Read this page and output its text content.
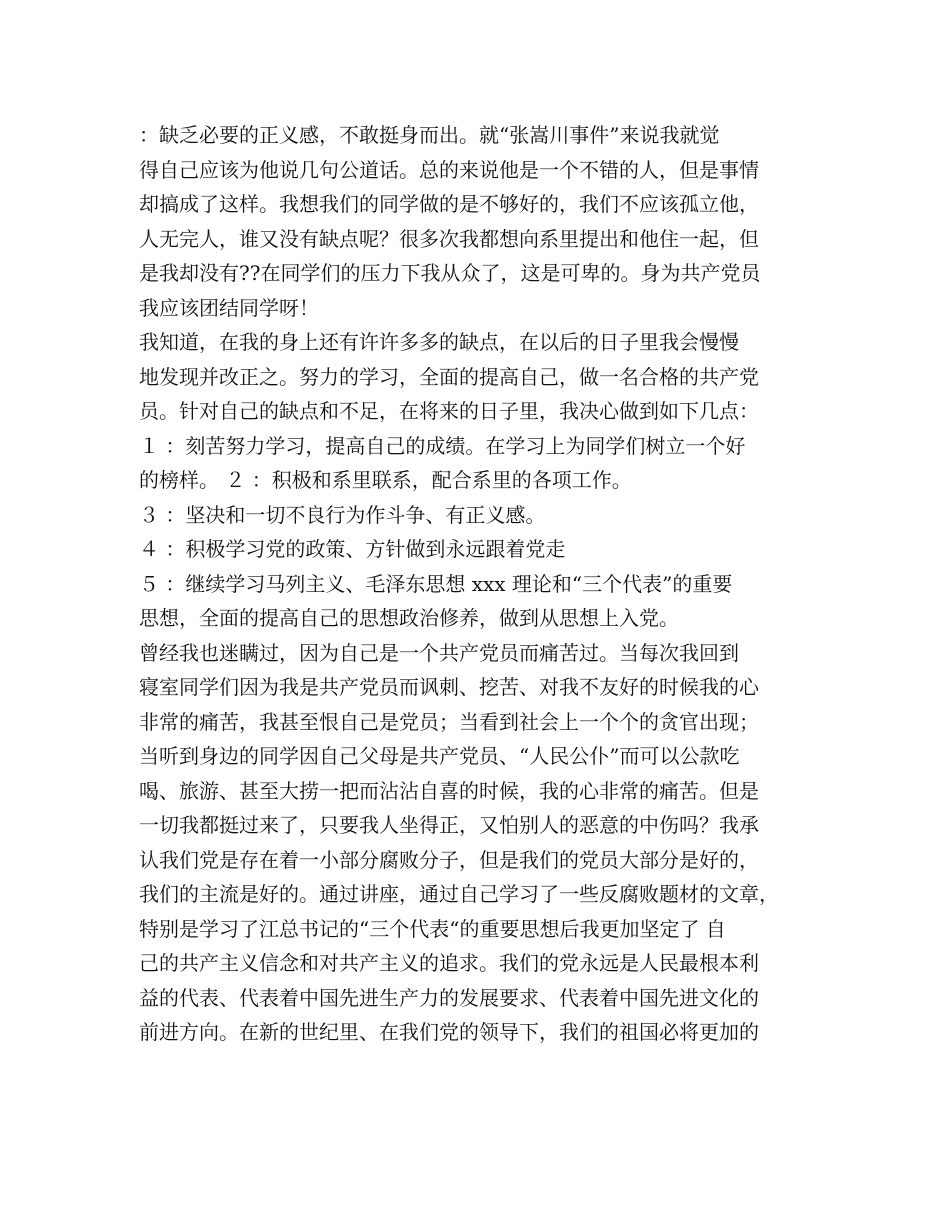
：缺乏必要的正义感，不敢挺身而出。就“张嵩川事件”来说我就觉
得自己应该为他说几句公道话。总的来说他是一个不错的人，但是事情
却搞成了这样。我想我们的同学做的是不够好的，我们不应该孤立他，
人无完人，谁又没有缺点呢？很多次我都想向系里提出和他住一起，但
是我却没有??在同学们的压力下我从众了，这是可卑的。身为共产党员
我应该团结同学呀！
我知道，在我的身上还有许许多多的缺点，在以后的日子里我会慢慢
地发现并改正之。努力的学习，全面的提高自己，做一名合格的共产党
员。针对自己的缺点和不足，在将来的日子里，我决心做到如下几点：
１ ：刻苦努力学习，提高自己的成绩。在学习上为同学们树立一个好
的榜样。 ２ ：积极和系里联系，配合系里的各项工作。
３ ：坚决和一切不良行为作斗争、有正义感。
４ ：积极学习党的政策、方针做到永远跟着党走
５ ：继续学习马列主义、毛泽东思想 xxx 理论和“三个代表”的重要
思想，全面的提高自己的思想政治修养，做到从思想上入党。
曾经我也迷瞒过，因为自己是一个共产党员而痛苦过。当每次我回到
寝室同学们因为我是共产党员而讽刺、挖苦、对我不友好的时候我的心
非常的痛苦，我甚至恨自己是党员；当看到社会上一个个的贪官出现；
当听到身边的同学因自己父母是共产党员、“人民公仆”而可以公款吃
喝、旅游、甚至大捞一把而沾沾自喜的时候，我的心非常的痛苦。但是
一切我都挺过来了，只要我人坐得正，又怕别人的恶意的中伤吗？我承
认我们党是存在着一小部分腐败分子，但是我们的党员大部分是好的，
我们的主流是好的。通过讲座，通过自己学习了一些反腐败题材的文章，
特别是学习了江总书记的“三个代表“的重要思想后我更加坚定了 自
己的共产主义信念和对共产主义的追求。我们的党永远是人民最根本利
益的代表、代表着中国先进生产力的发展要求、代表着中国先进文化的
前进方向。在新的世纪里、在我们党的领导下，我们的祖国必将更加的
